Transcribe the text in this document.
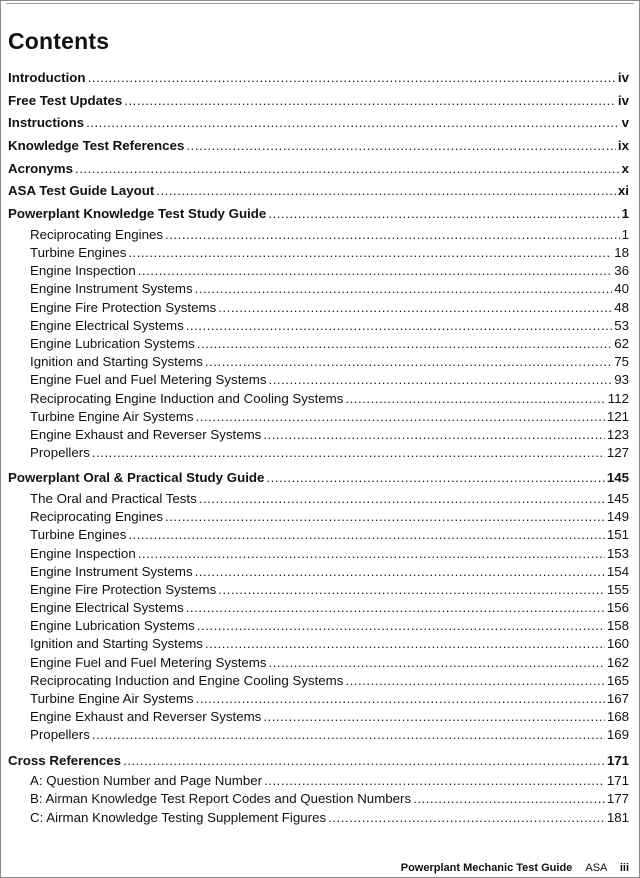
Contents
Introduction .....	iv
Free Test Updates .....	iv
Instructions .....	v
Knowledge Test References .....	ix
Acronyms .....	x
ASA Test Guide Layout .....	xi
Powerplant Knowledge Test Study Guide .....	1
Reciprocating Engines .....	1
Turbine Engines .....	18
Engine Inspection .....	36
Engine Instrument Systems .....	40
Engine Fire Protection Systems .....	48
Engine Electrical Systems .....	53
Engine Lubrication Systems .....	62
Ignition and Starting Systems .....	75
Engine Fuel and Fuel Metering Systems .....	93
Reciprocating Engine Induction and Cooling Systems .....	112
Turbine Engine Air Systems .....	121
Engine Exhaust and Reverser Systems .....	123
Propellers .....	127
Powerplant Oral & Practical Study Guide .....	145
The Oral and Practical Tests .....	145
Reciprocating Engines .....	149
Turbine Engines .....	151
Engine Inspection .....	153
Engine Instrument Systems .....	154
Engine Fire Protection Systems .....	155
Engine Electrical Systems .....	156
Engine Lubrication Systems .....	158
Ignition and Starting Systems .....	160
Engine Fuel and Fuel Metering Systems .....	162
Reciprocating Induction and Engine Cooling Systems .....	165
Turbine Engine Air Systems .....	167
Engine Exhaust and Reverser Systems .....	168
Propellers .....	169
Cross References .....	171
A: Question Number and Page Number .....	171
B: Airman Knowledge Test Report Codes and Question Numbers .....	177
C: Airman Knowledge Testing Supplement Figures .....	181
Powerplant Mechanic Test Guide ASA iii
